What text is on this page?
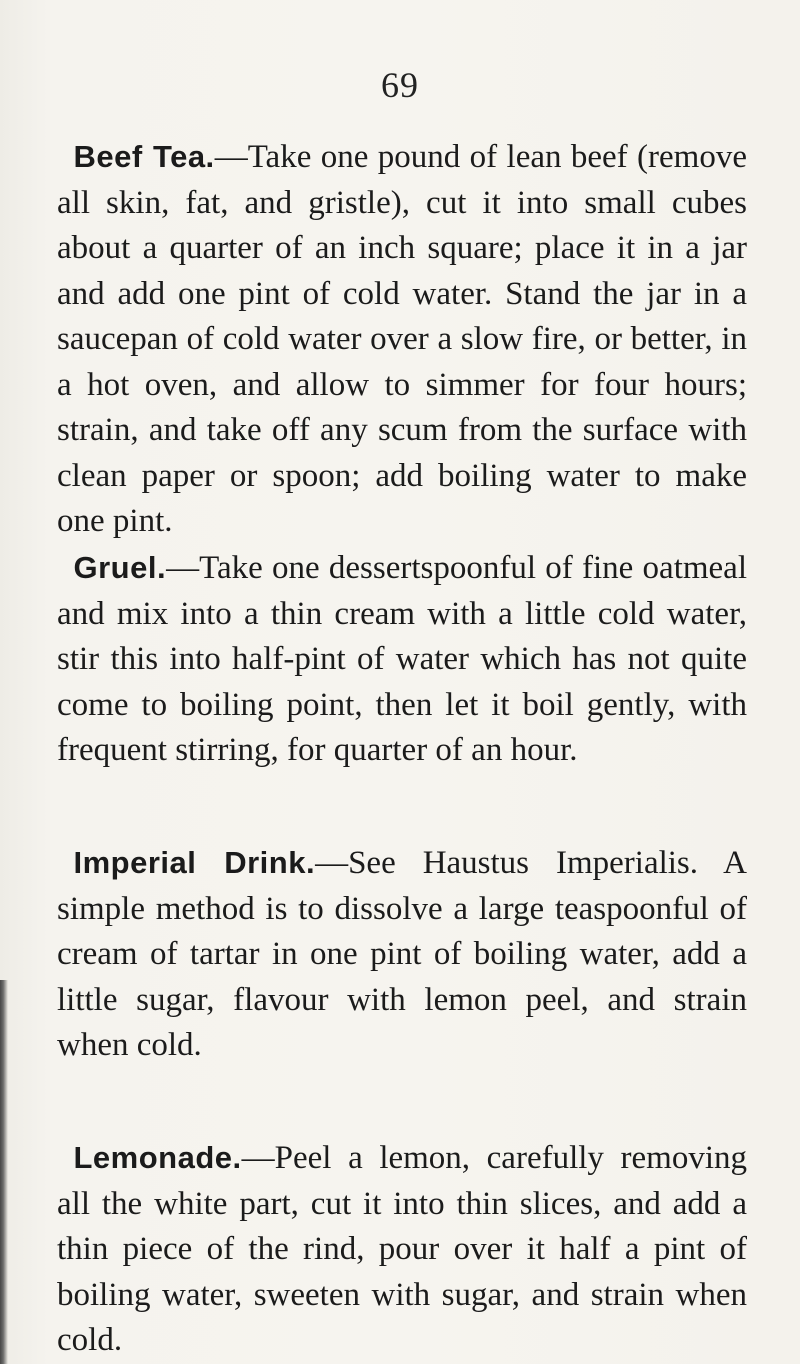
69

Beef Tea.—Take one pound of lean beef (remove all skin, fat, and gristle), cut it into small cubes about a quarter of an inch square; place it in a jar and add one pint of cold water. Stand the jar in a saucepan of cold water over a slow fire, or better, in a hot oven, and allow to simmer for four hours; strain, and take off any scum from the surface with clean paper or spoon; add boiling water to make one pint.

Gruel.—Take one dessertspoonful of fine oatmeal and mix into a thin cream with a little cold water, stir this into half-pint of water which has not quite come to boiling point, then let it boil gently, with frequent stirring, for quarter of an hour.

Imperial Drink.—See Haustus Imperialis. A simple method is to dissolve a large teaspoonful of cream of tartar in one pint of boiling water, add a little sugar, flavour with lemon peel, and strain when cold.

Lemonade.—Peel a lemon, carefully removing all the white part, cut it into thin slices, and add a thin piece of the rind, pour over it half a pint of boiling water, sweeten with sugar, and strain when cold.
